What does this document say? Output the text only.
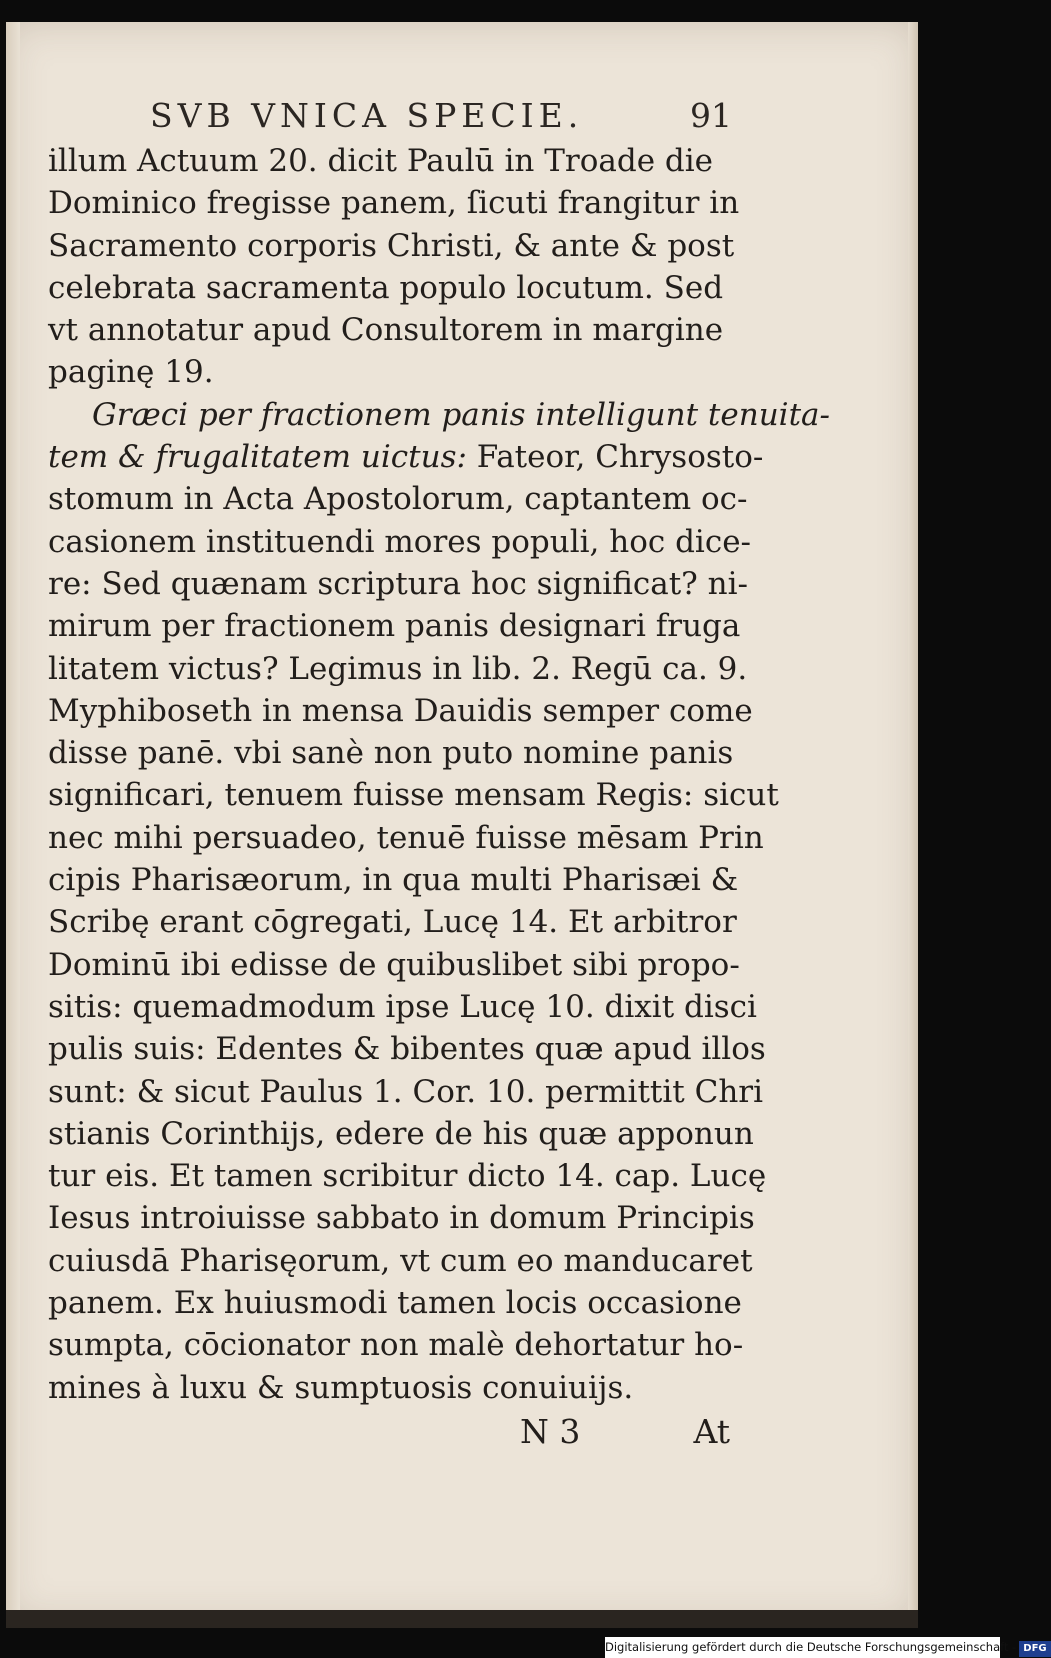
SVB VNICA SPECIE.	91
illum Actuum 20. dicit Paulū in Troade die
Dominico fregisse panem, ſicuti frangitur in
Sacramento corporis Christi, & ante & post
celebrata sacramenta populo locutum. Sed
vt annotatur apud Consultorem in margine
paginę 19.
Græci per fractionem panis intelligunt tenuita-
tem & frugalitatem uictus: Fateor, Chrysosto-
stomum in Acta Apostolorum, captantem oc-
casionem instituendi mores populi, hoc dice-
re: Sed quænam scriptura hoc significat? ni-
mirum per fractionem panis designari fruga
litatem victus? Legimus in lib. 2. Regū ca. 9.
Myphiboseth in mensa Dauidis semper come
disse panē. vbi sanè non puto nomine panis
significari, tenuem fuisse mensam Regis: sicut
nec mihi persuadeo, tenuē fuisse mēsam Prin
cipis Pharisæorum, in qua multi Pharisæi &
Scribę erant cōgregati, Lucę 14. Et arbitror
Dominū ibi edisse de quibuslibet sibi propo-
sitis: quemadmodum ipse Lucę 10. dixit disci
pulis suis: Edentes & bibentes quæ apud illos
sunt: & sicut Paulus 1. Cor. 10. permittit Chri
stianis Corinthijs, edere de his quæ apponun
tur eis. Et tamen scribitur dicto 14. cap. Lucę
Iesus introiuisse sabbato in domum Principis
cuiusdā Pharisęorum, vt cum eo manducaret
panem. Ex huiusmodi tamen locis occasione
sumpta, cōcionator non malè dehortatur ho-
mines à luxu & sumptuosis conuiuijs.
N 3	At
Digitalisierung gefördert durch die Deutsche Forschungsgemeinschaft - DFG
